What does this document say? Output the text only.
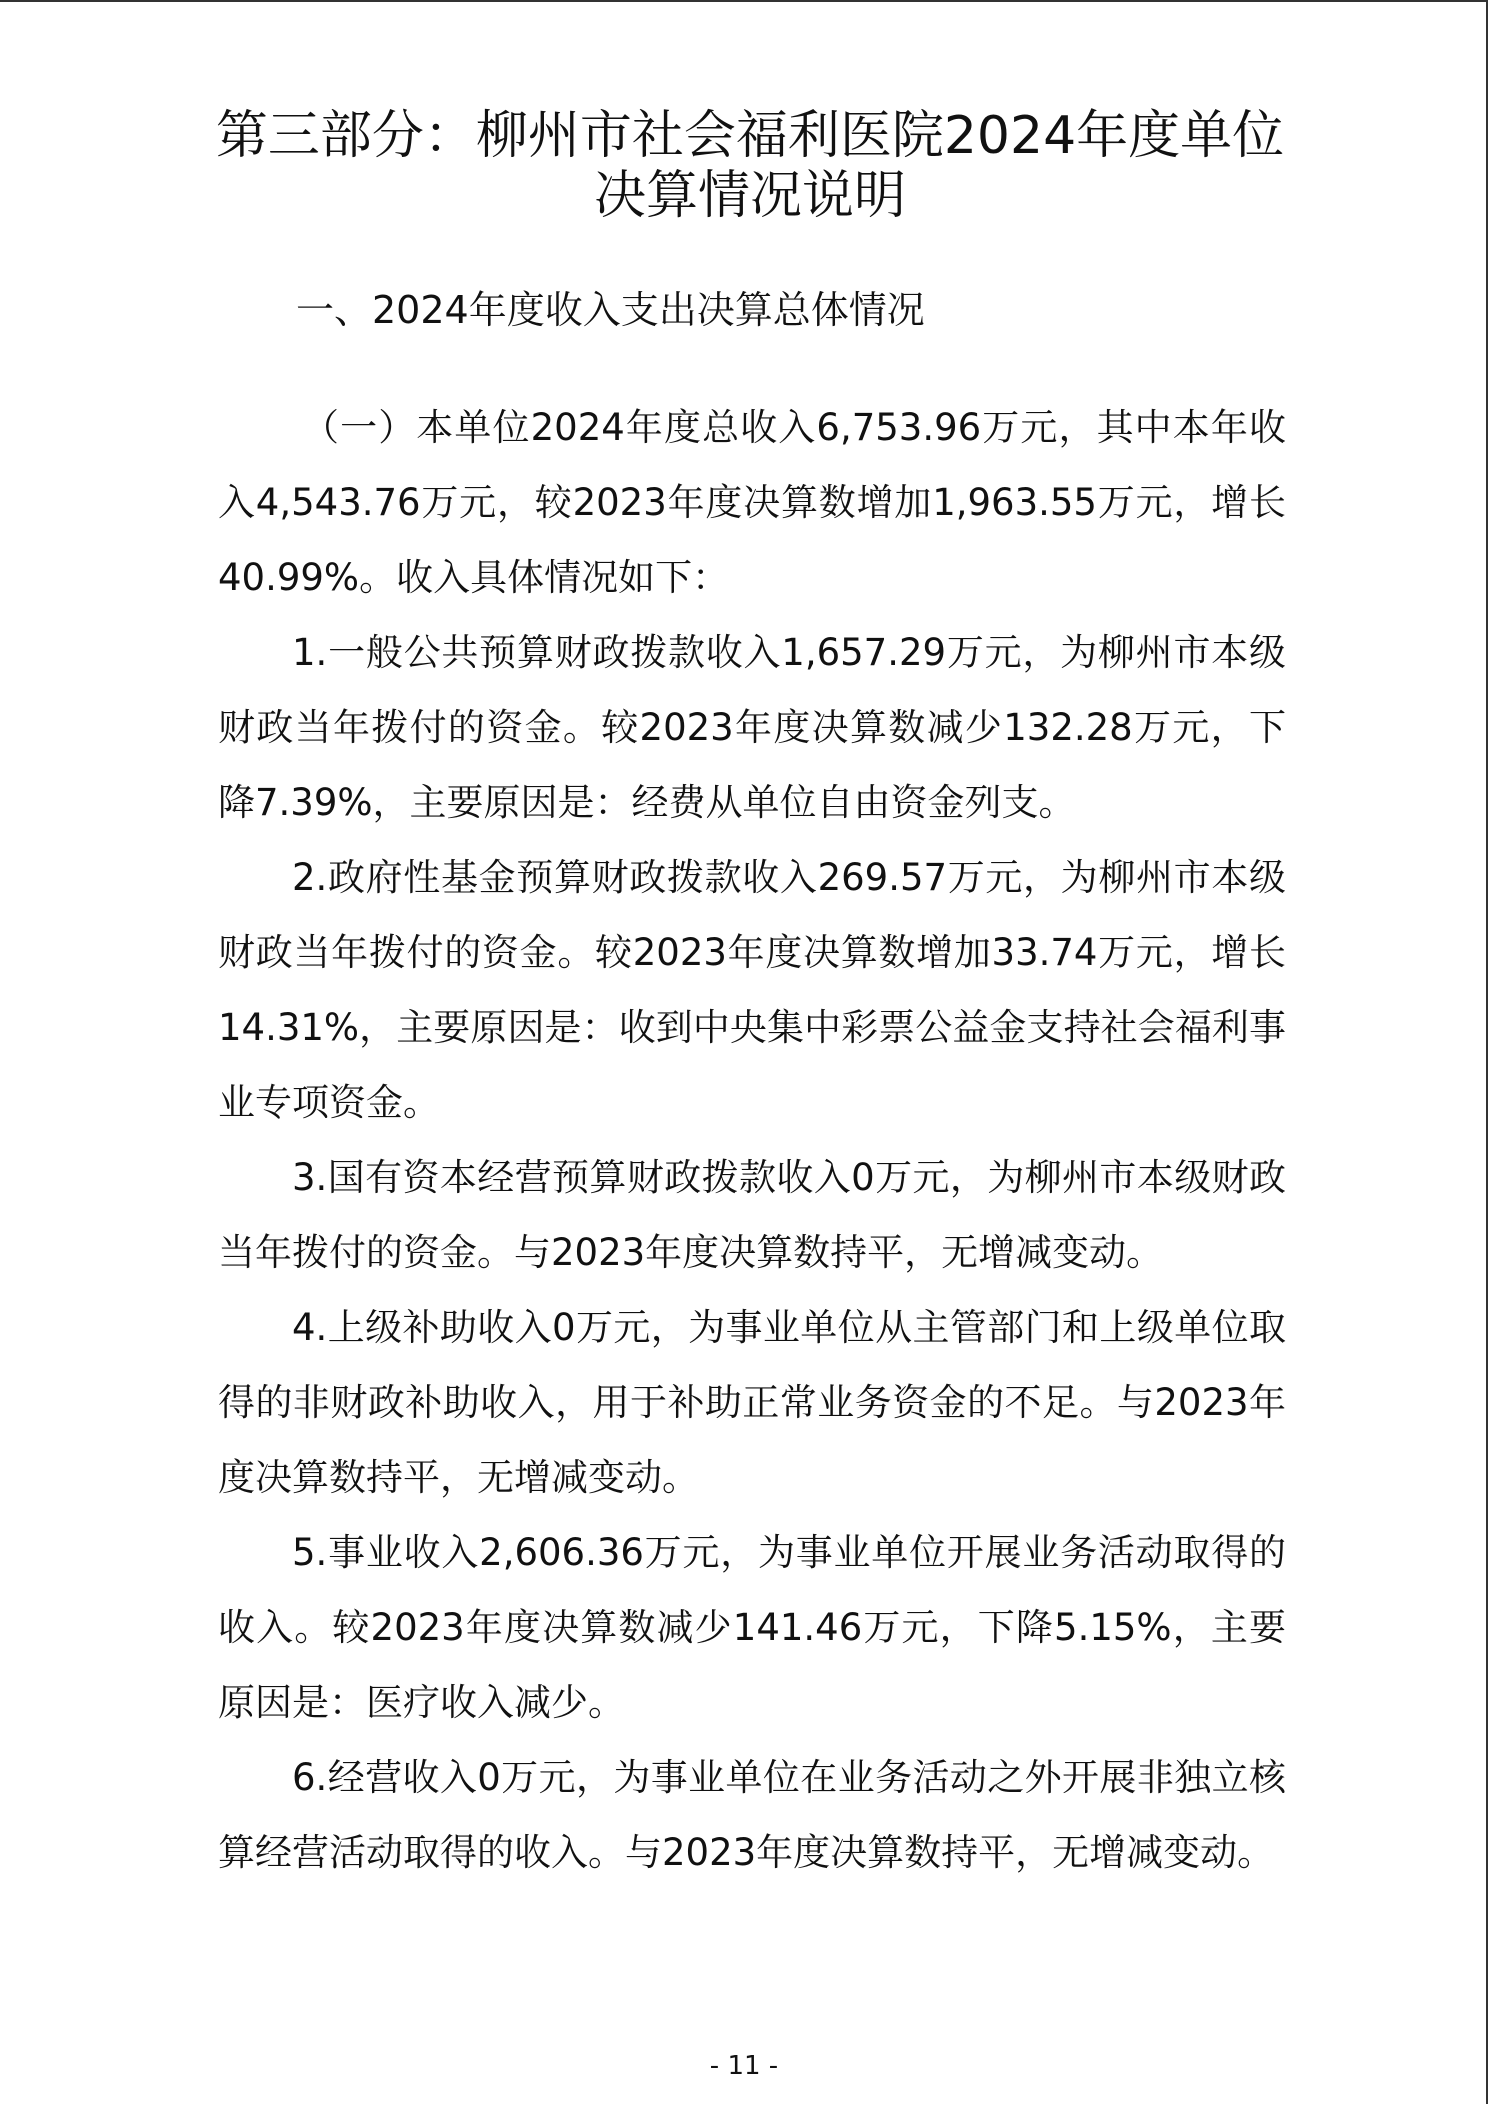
第三部分：柳州市社会福利医院2024年度单位决算情况说明
一、2024年度收入支出决算总体情况

（一）本单位2024年度总收入6,753.96万元，其中本年收入4,543.76万元，较2023年度决算数增加1,963.55万元，增长40.99%。收入具体情况如下：

1.一般公共预算财政拨款收入1,657.29万元，为柳州市本级财政当年拨付的资金。较2023年度决算数减少132.28万元，下降7.39%，主要原因是：经费从单位自由资金列支。

2.政府性基金预算财政拨款收入269.57万元，为柳州市本级财政当年拨付的资金。较2023年度决算数增加33.74万元，增长14.31%，主要原因是：收到中央集中彩票公益金支持社会福利事业专项资金。

3.国有资本经营预算财政拨款收入0万元，为柳州市本级财政当年拨付的资金。与2023年度决算数持平，无增减变动。

4.上级补助收入0万元，为事业单位从主管部门和上级单位取得的非财政补助收入，用于补助正常业务资金的不足。与2023年度决算数持平，无增减变动。

5.事业收入2,606.36万元，为事业单位开展业务活动取得的收入。较2023年度决算数减少141.46万元，下降5.15%，主要原因是：医疗收入减少。

6.经营收入0万元，为事业单位在业务活动之外开展非独立核算经营活动取得的收入。与2023年度决算数持平，无增减变动。

- 11 -
